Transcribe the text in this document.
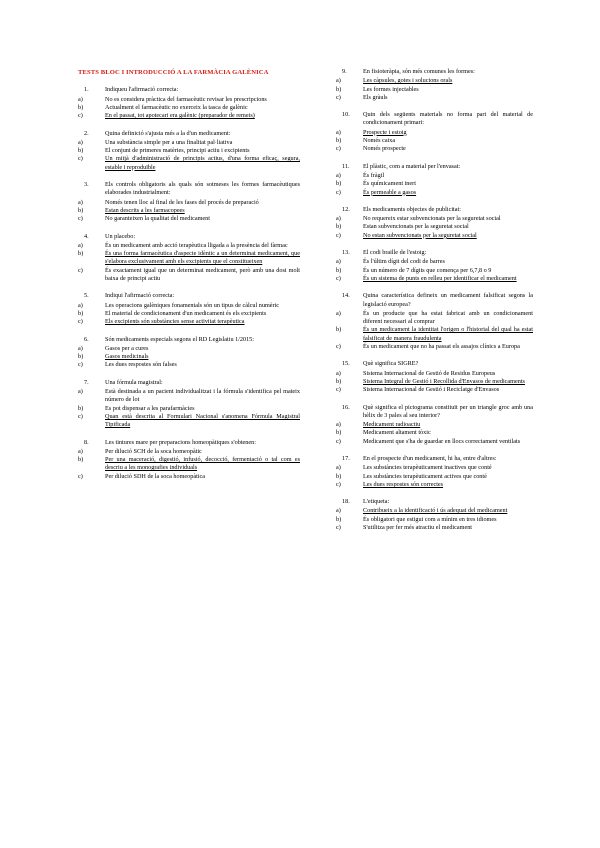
TESTS BLOC I INTRODUCCIÓ A LA FARMÀCIA GALÈNICA
1.	Indiqueu l'afirmació correcta:
a)	No es considera pràctica del farmacèutic revisar les prescripcions
b)	Actualment el farmacèutic no exerceix la tasca de galènic
c)	En el passat, tot apotecari era galènic (preparador de remeis)
2.	Quina definició s'ajusta més a la d'un medicament:
a)	Una substància simple per a una finalitat pal·liativa
b)	El conjunt de primeres matèries, principi actiu i excipients
c)	Un mitjà d'administració de principis actius, d'una forma eficaç, segura, estable i reproduïble
3.	Els controls obligatoris als quals són sotmeses les formes farmacèutiques elaborades industrialment:
a)	Només tenen lloc al final de les fases del procés de preparació
b)	Estan descrits a les farmacopees
c)	No garanteixen la qualitat del medicament
4.	Un placebo:
a)	És un medicament amb acció terapèutica lligada a la presència del fàrmac
b)	És una forma farmacèutica d'aspecte idèntic a un determinat medicament, que s'elabora exclusivament amb els excipients que el constitueixen
c)	És exactament igual que un determinat medicament, però amb una dosi molt baixa de principi actiu
5.	Indiqui l'afirmació correcta:
a)	Les operacions galèniques fonamentals són un tipus de càlcul numèric
b)	El material de condicionament d'un medicament és els excipients
c)	Els excipients són substàncies sense activitat terapèutica
6.	Són medicaments especials segons el RD Legislatiu 1/2015:
a)	Gasos per a cures
b)	Gasos medicinals
c)	Les dues respostes són falses
7.	Una fórmula magistral:
a)	Està destinada a un pacient individualitzat i la fórmula s'identifica pel mateix número de lot
b)	Es pot dispensar a les parafarmàcies
c)	Quan està descrita al Formulari Nacional s'anomena Fórmula Magistral Tipificada
8.	Les tintures mare per preparacions homeopàtiques s'obtenen:
a)	Per dilució SCH de la soca homeopàtic
b)	Per una maceració, digestió, infusió, decocció, fermentació o tal com es descriu a les monografies individuals
c)	Per dilució SDH de la soca homeopàtica
9.	En fisioteràpia, són més comunes les formes:
a)	Les càpsules, gotes i solucions orals
b)	Les formes injectables
c)	Els gràuls
10.	Quin dels següents materials no forma part del material de condicionament primari:
a)	Prospecte i estoig
b)	Només caixa
c)	Només prospecte
11.	El plàstic, com a material per l'envasat:
a)	És fràgil
b)	És químicament inert
c)	És permeable a gasos
12.	Els medicaments objectes de publicitat:
a)	No requereix estar subvencionats per la seguretat social
b)	Estan subvencionats per la seguretat social
c)	No estan subvencionats per la seguretat social
13.	El codi braille de l'estoig:
a)	És l'últim dígit del codi de barres
b)	És un número de 7 dígits que comença per 6,7,8 o 9
c)	És un sistema de punts en relleu per identificar el medicament
14.	Quina característica defineix un medicament falsificat segons la legislació europea?
a)	És un producte que ha estat fabricat amb un condicionament diferent necessari al comprar
b)	És un medicament la identitat l'origen o l'historial del qual ha estat falsificat de manera fraudulenta
c)	És un medicament que no ha passat els assajos clínics a Europa
15.	Què significa SIGRE?
a)	Sistema Internacional de Gestió de Residus Europeus
b)	Sistema Integral de Gestió i Recollida d'Envasos de medicaments
c)	Sistema Internacional de Gestió i Reciclatge d'Envasos
16.	Què significa el pictograma constituït per un triangle groc amb una hèlix de 3 pales al seu interior?
a)	Medicament radioactiu
b)	Medicament altament tòxic
c)	Medicament que s'ha de guardar en llocs correctament ventilats
17.	En el prospecte d'un medicament, hi ha, entre d'altres:
a)	Les substàncies terapèuticament inactives que conté
b)	Les substàncies terapèuticament actives que conté
c)	Les dues respostes són correctes
18.	L'etiqueta:
a)	Contribueix a la identificació i ús adequat del medicament
b)	És obligatori que estigui com a mínim en tres idiomes
c)	S'utilitza per fer més atractiu el medicament
